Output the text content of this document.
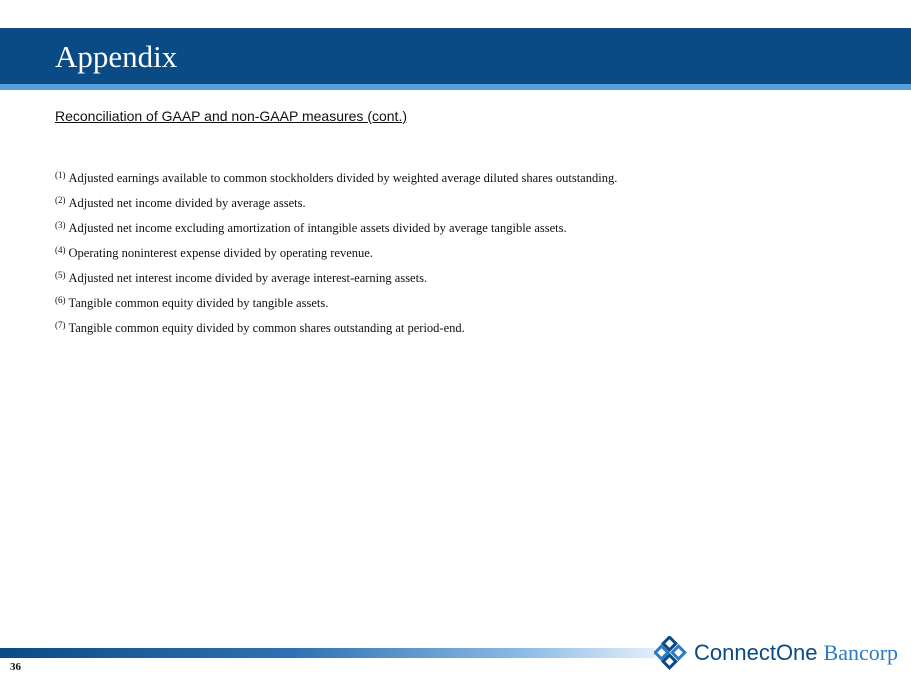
Appendix
Reconciliation of GAAP and non-GAAP measures (cont.)
$^{(1)}$ Adjusted earnings available to common stockholders divided by weighted average diluted shares outstanding.
$^{(2)}$ Adjusted net income divided by average assets.
$^{(3)}$ Adjusted net income excluding amortization of intangible assets divided by average tangible assets.
$^{(4)}$ Operating noninterest expense divided by operating revenue.
$^{(5)}$ Adjusted net interest income divided by average interest-earning assets.
$^{(6)}$ Tangible common equity divided by tangible assets.
$^{(7)}$ Tangible common equity divided by common shares outstanding at period-end.
36
ConnectOne Bancorp
